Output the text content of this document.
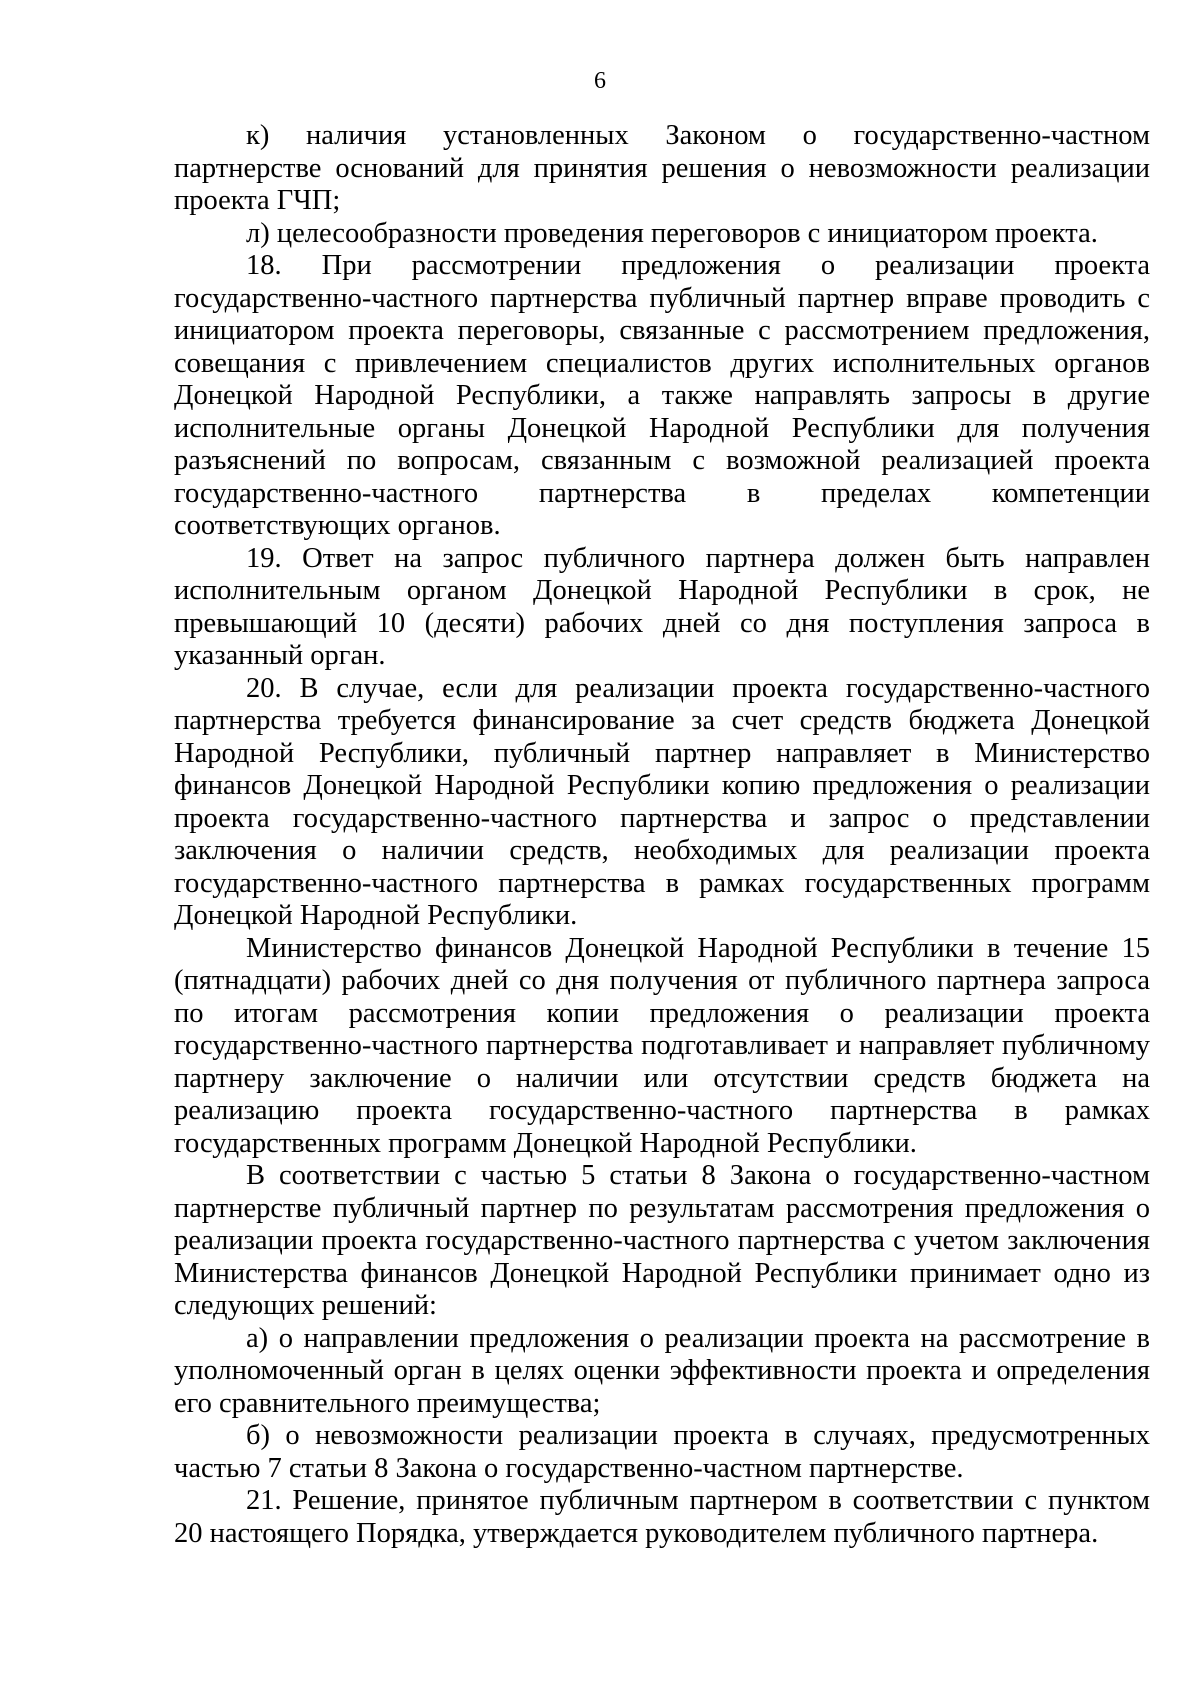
6

к) наличия установленных Законом о государственно-частном партнерстве оснований для принятия решения о невозможности реализации проекта ГЧП;

л) целесообразности проведения переговоров с инициатором проекта.

18. При рассмотрении предложения о реализации проекта государственно-частного партнерства публичный партнер вправе проводить с инициатором проекта переговоры, связанные с рассмотрением предложения, совещания с привлечением специалистов других исполнительных органов Донецкой Народной Республики, а также направлять запросы в другие исполнительные органы Донецкой Народной Республики для получения разъяснений по вопросам, связанным с возможной реализацией проекта государственно-частного партнерства в пределах компетенции соответствующих органов.

19. Ответ на запрос публичного партнера должен быть направлен исполнительным органом Донецкой Народной Республики в срок, не превышающий 10 (десяти) рабочих дней со дня поступления запроса в указанный орган.

20. В случае, если для реализации проекта государственно-частного партнерства требуется финансирование за счет средств бюджета Донецкой Народной Республики, публичный партнер направляет в Министерство финансов Донецкой Народной Республики копию предложения о реализации проекта государственно-частного партнерства и запрос о представлении заключения о наличии средств, необходимых для реализации проекта государственно-частного партнерства в рамках государственных программ Донецкой Народной Республики.

Министерство финансов Донецкой Народной Республики в течение 15 (пятнадцати) рабочих дней со дня получения от публичного партнера запроса по итогам рассмотрения копии предложения о реализации проекта государственно-частного партнерства подготавливает и направляет публичному партнеру заключение о наличии или отсутствии средств бюджета на реализацию проекта государственно-частного партнерства в рамках государственных программ Донецкой Народной Республики.

В соответствии с частью 5 статьи 8 Закона о государственно-частном партнерстве публичный партнер по результатам рассмотрения предложения о реализации проекта государственно-частного партнерства с учетом заключения Министерства финансов Донецкой Народной Республики принимает одно из следующих решений:

а) о направлении предложения о реализации проекта на рассмотрение в уполномоченный орган в целях оценки эффективности проекта и определения его сравнительного преимущества;

б) о невозможности реализации проекта в случаях, предусмотренных частью 7 статьи 8 Закона о государственно-частном партнерстве.

21. Решение, принятое публичным партнером в соответствии с пунктом 20 настоящего Порядка, утверждается руководителем публичного партнера.
